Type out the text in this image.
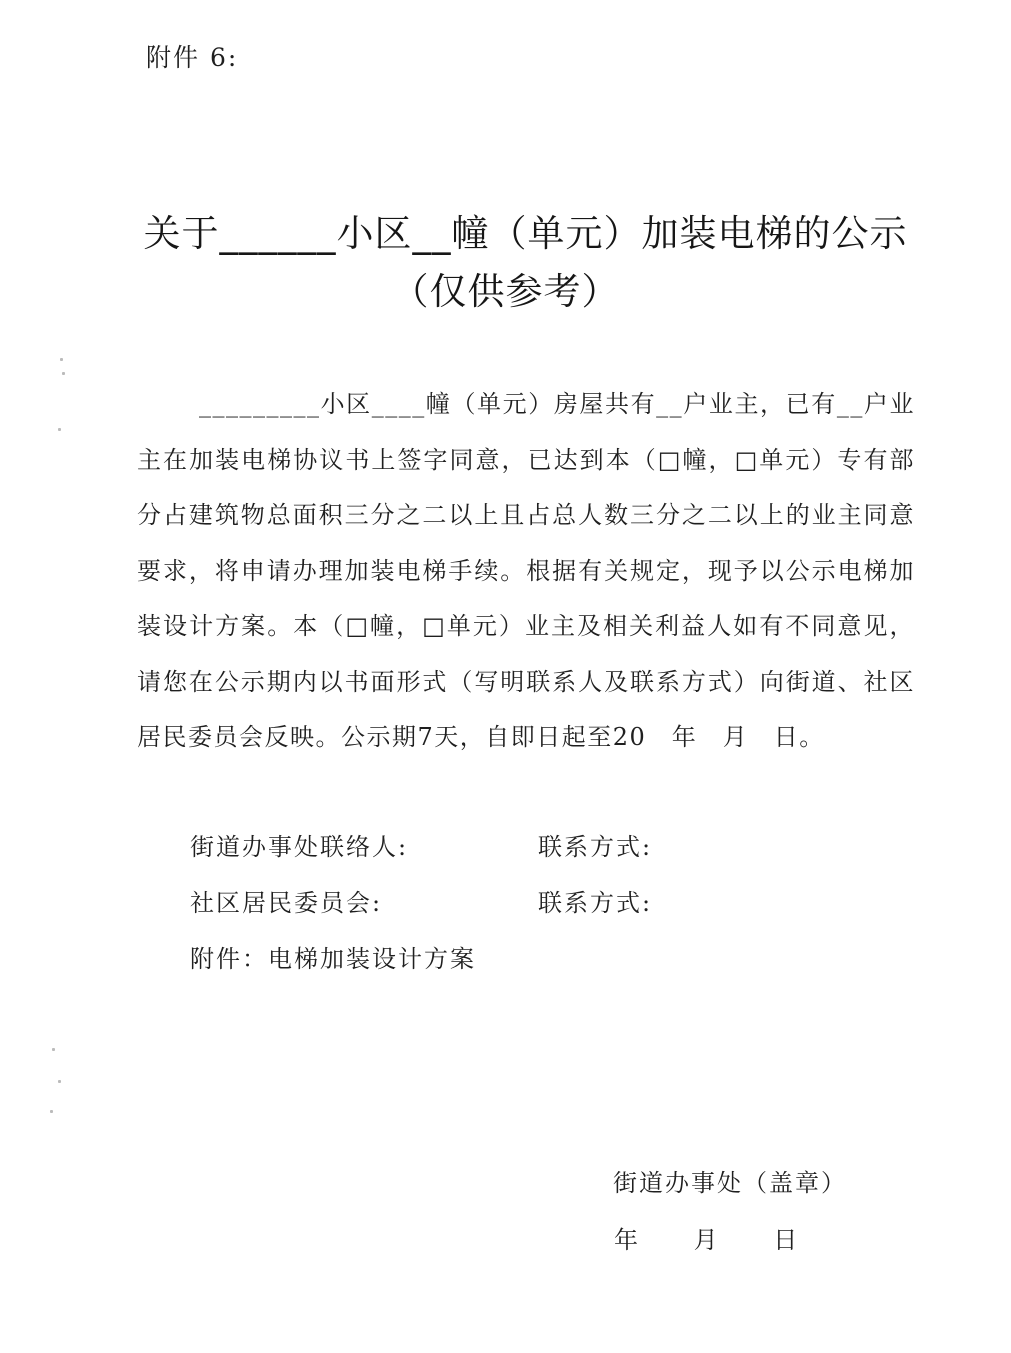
附件 6:
关于______小区__幢（单元）加装电梯的公示
（仅供参考）
_________小区____幢（单元）房屋共有__户业主，已有__户业主在加装电梯协议书上签字同意，已达到本（□幢，□单元）专有部分占建筑物总面积三分之二以上且占总人数三分之二以上的业主同意要求，将申请办理加装电梯手续。根据有关规定，现予以公示电梯加装设计方案。本（□幢，□单元）业主及相关利益人如有不同意见，请您在公示期内以书面形式（写明联系人及联系方式）向街道、社区居民委员会反映。公示期7天，自即日起至20　年　月　日。
街道办事处联络人:	联系方式:
社区居民委员会:	联系方式:
附件：电梯加装设计方案
街道办事处（盖章）
年 月 日
